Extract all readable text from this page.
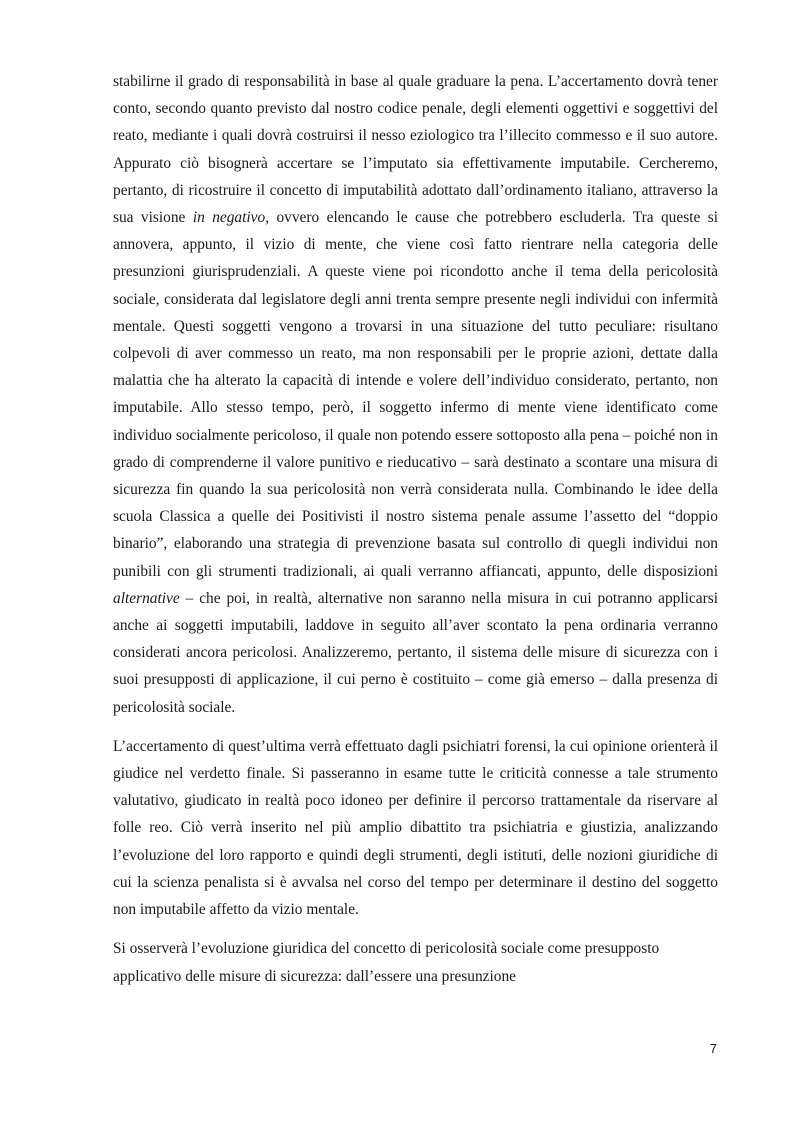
stabilirne il grado di responsabilità in base al quale graduare la pena. L’accertamento dovrà tener conto, secondo quanto previsto dal nostro codice penale, degli elementi oggettivi e soggettivi del reato, mediante i quali dovrà costruirsi il nesso eziologico tra l’illecito commesso e il suo autore. Appurato ciò bisognerà accertare se l’imputato sia effettivamente imputabile. Cercheremo, pertanto, di ricostruire il concetto di imputabilità adottato dall’ordinamento italiano, attraverso la sua visione in negativo, ovvero elencando le cause che potrebbero escluderla. Tra queste si annovera, appunto, il vizio di mente, che viene così fatto rientrare nella categoria delle presunzioni giurisprudenziali. A queste viene poi ricondotto anche il tema della pericolosità sociale, considerata dal legislatore degli anni trenta sempre presente negli individui con infermità mentale. Questi soggetti vengono a trovarsi in una situazione del tutto peculiare: risultano colpevoli di aver commesso un reato, ma non responsabili per le proprie azioni, dettate dalla malattia che ha alterato la capacità di intende e volere dell’individuo considerato, pertanto, non imputabile. Allo stesso tempo, però, il soggetto infermo di mente viene identificato come individuo socialmente pericoloso, il quale non potendo essere sottoposto alla pena – poiché non in grado di comprenderne il valore punitivo e rieducativo – sarà destinato a scontare una misura di sicurezza fin quando la sua pericolosità non verrà considerata nulla. Combinando le idee della scuola Classica a quelle dei Positivisti il nostro sistema penale assume l’assetto del “doppio binario”, elaborando una strategia di prevenzione basata sul controllo di quegli individui non punibili con gli strumenti tradizionali, ai quali verranno affiancati, appunto, delle disposizioni alternative – che poi, in realtà, alternative non saranno nella misura in cui potranno applicarsi anche ai soggetti imputabili, laddove in seguito all’aver scontato la pena ordinaria verranno considerati ancora pericolosi. Analizzeremo, pertanto, il sistema delle misure di sicurezza con i suoi presupposti di applicazione, il cui perno è costituito – come già emerso – dalla presenza di pericolosità sociale.

L’accertamento di quest’ultima verrà effettuato dagli psichiatri forensi, la cui opinione orienterà il giudice nel verdetto finale. Si passeranno in esame tutte le criticità connesse a tale strumento valutativo, giudicato in realtà poco idoneo per definire il percorso trattamentale da riservare al folle reo. Ciò verrà inserito nel più amplio dibattito tra psichiatria e giustizia, analizzando l’evoluzione del loro rapporto e quindi degli strumenti, degli istituti, delle nozioni giuridiche di cui la scienza penalista si è avvalsa nel corso del tempo per determinare il destino del soggetto non imputabile affetto da vizio mentale.

Si osserverà l’evoluzione giuridica del concetto di pericolosità sociale come presupposto applicativo delle misure di sicurezza: dall’essere una presunzione

7
